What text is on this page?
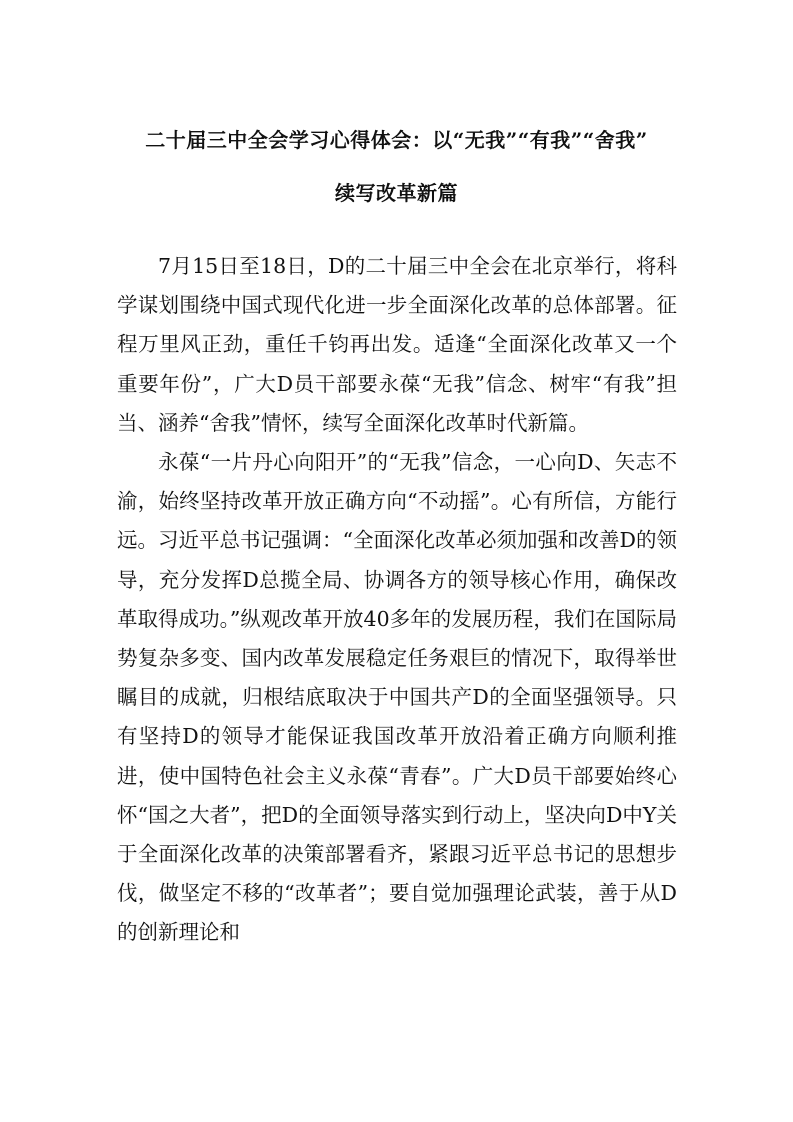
二十届三中全会学习心得体会：以“无我”“有我”“舍我”
续写改革新篇

7月15日至18日，D的二十届三中全会在北京举行，将科学谋划围绕中国式现代化进一步全面深化改革的总体部署。征程万里风正劲，重任千钧再出发。适逢“全面深化改革又一个重要年份”，广大D员干部要永葆“无我”信念、树牢“有我”担当、涵养“舍我”情怀，续写全面深化改革时代新篇。

永葆“一片丹心向阳开”的“无我”信念，一心向D、矢志不渝，始终坚持改革开放正确方向“不动摇”。心有所信，方能行远。习近平总书记强调：“全面深化改革必须加强和改善D的领导，充分发挥D总揽全局、协调各方的领导核心作用，确保改革取得成功。”纵观改革开放40多年的发展历程，我们在国际局势复杂多变、国内改革发展稳定任务艰巨的情况下，取得举世瞩目的成就，归根结底取决于中国共产D的全面坚强领导。只有坚持D的领导才能保证我国改革开放沿着正确方向顺利推进，使中国特色社会主义永葆“青春”。广大D员干部要始终心怀“国之大者”，把D的全面领导落实到行动上，坚决向D中Y关于全面深化改革的决策部署看齐，紧跟习近平总书记的思想步伐，做坚定不移的“改革者”；要自觉加强理论武装，善于从D的创新理论和
